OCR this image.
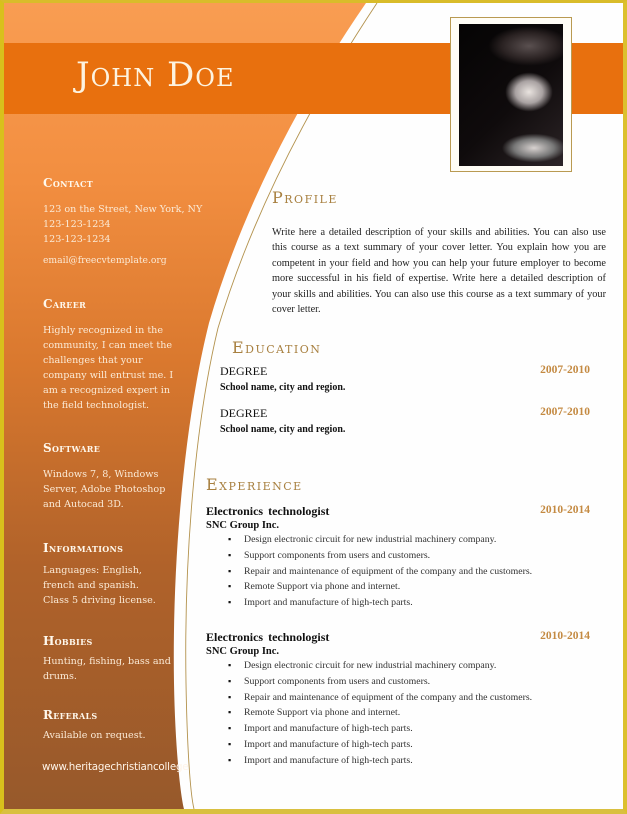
John Doe
Contact
123 on the Street, New York, NY
123-123-1234
123-123-1234
email@freecvtemplate.org
Career
Highly recognized in the
community, I can meet the
challenges that your
company will entrust me. I
am a recognized expert in
the field technologist.
Software
Windows 7, 8, Windows
Server, Adobe Photoshop
and Autocad 3D.
Informations
Languages: English,
french and spanish.
Class 5 driving license.
Hobbies
Hunting, fishing, bass and
drums.
Referals
Available on request.
www.heritagechristiancollege
Profile
Write here a detailed description of your skills and abilities. You can also use this course as a text summary of your cover letter. You explain how you are competent in your field and how you can help your future employer to become more successful in his field of expertise. Write here a detailed description of your skills and abilities. You can also use this course as a text summary of your cover letter.
Education
DEGREE	2007-2010
School name, city and region.
DEGREE	2007-2010
School name, city and region.
Experience
Electronics technologist	2010-2014
SNC Group Inc.
▪ Design electronic circuit for new industrial machinery company.
▪ Support components from users and customers.
▪ Repair and maintenance of equipment of the company and the customers.
▪ Remote Support via phone and internet.
▪ Import and manufacture of high-tech parts.
Electronics technologist	2010-2014
SNC Group Inc.
▪ Design electronic circuit for new industrial machinery company.
▪ Support components from users and customers.
▪ Repair and maintenance of equipment of the company and the customers.
▪ Remote Support via phone and internet.
▪ Import and manufacture of high-tech parts.
▪ Import and manufacture of high-tech parts.
▪ Import and manufacture of high-tech parts.
